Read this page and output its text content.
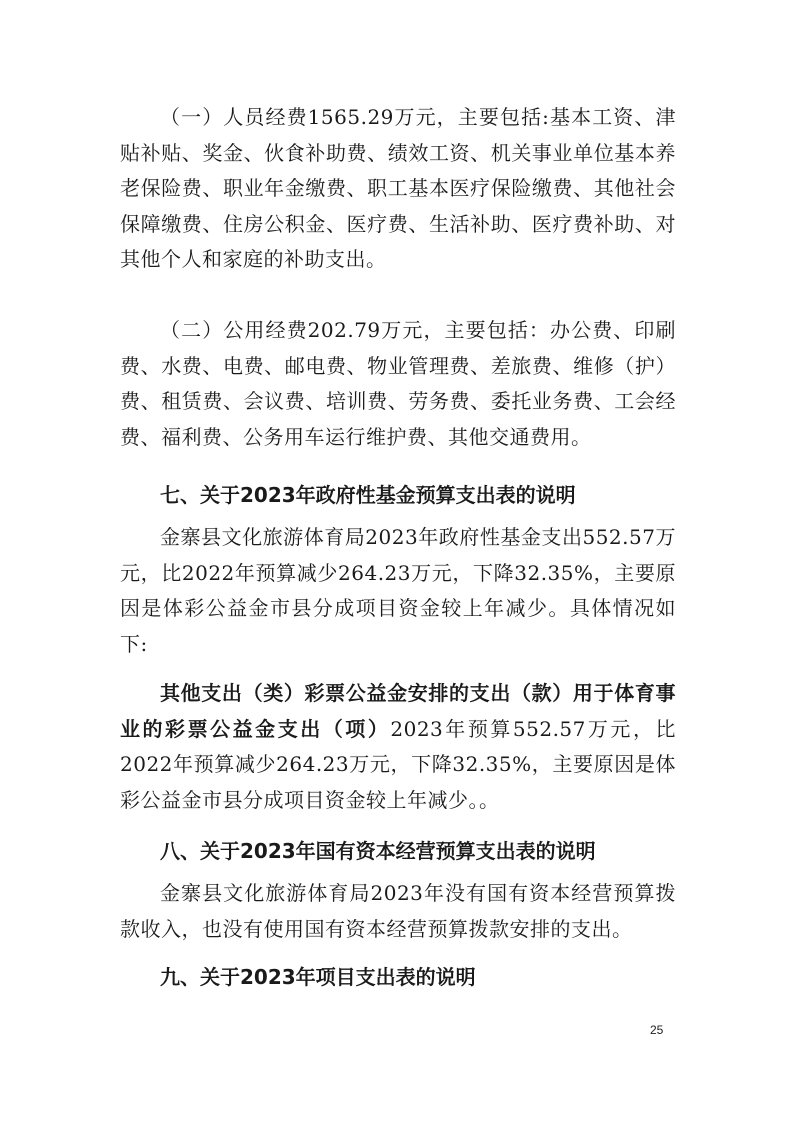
（一）人员经费1565.29万元，主要包括:基本工资、津贴补贴、奖金、伙食补助费、绩效工资、机关事业单位基本养老保险费、职业年金缴费、职工基本医疗保险缴费、其他社会保障缴费、住房公积金、医疗费、生活补助、医疗费补助、对其他个人和家庭的补助支出。

（二）公用经费202.79万元，主要包括：办公费、印刷费、水费、电费、邮电费、物业管理费、差旅费、维修（护）费、租赁费、会议费、培训费、劳务费、委托业务费、工会经费、福利费、公务用车运行维护费、其他交通费用。

七、关于2023年政府性基金预算支出表的说明

金寨县文化旅游体育局2023年政府性基金支出552.57万元，比2022年预算减少264.23万元，下降32.35%，主要原因是体彩公益金市县分成项目资金较上年减少。具体情况如下:

其他支出（类）彩票公益金安排的支出（款）用于体育事业的彩票公益金支出（项）2023年预算552.57万元，比2022年预算减少264.23万元，下降32.35%，主要原因是体彩公益金市县分成项目资金较上年减少。。

八、关于2023年国有资本经营预算支出表的说明

金寨县文化旅游体育局2023年没有国有资本经营预算拨款收入，也没有使用国有资本经营预算拨款安排的支出。

九、关于2023年项目支出表的说明

25
